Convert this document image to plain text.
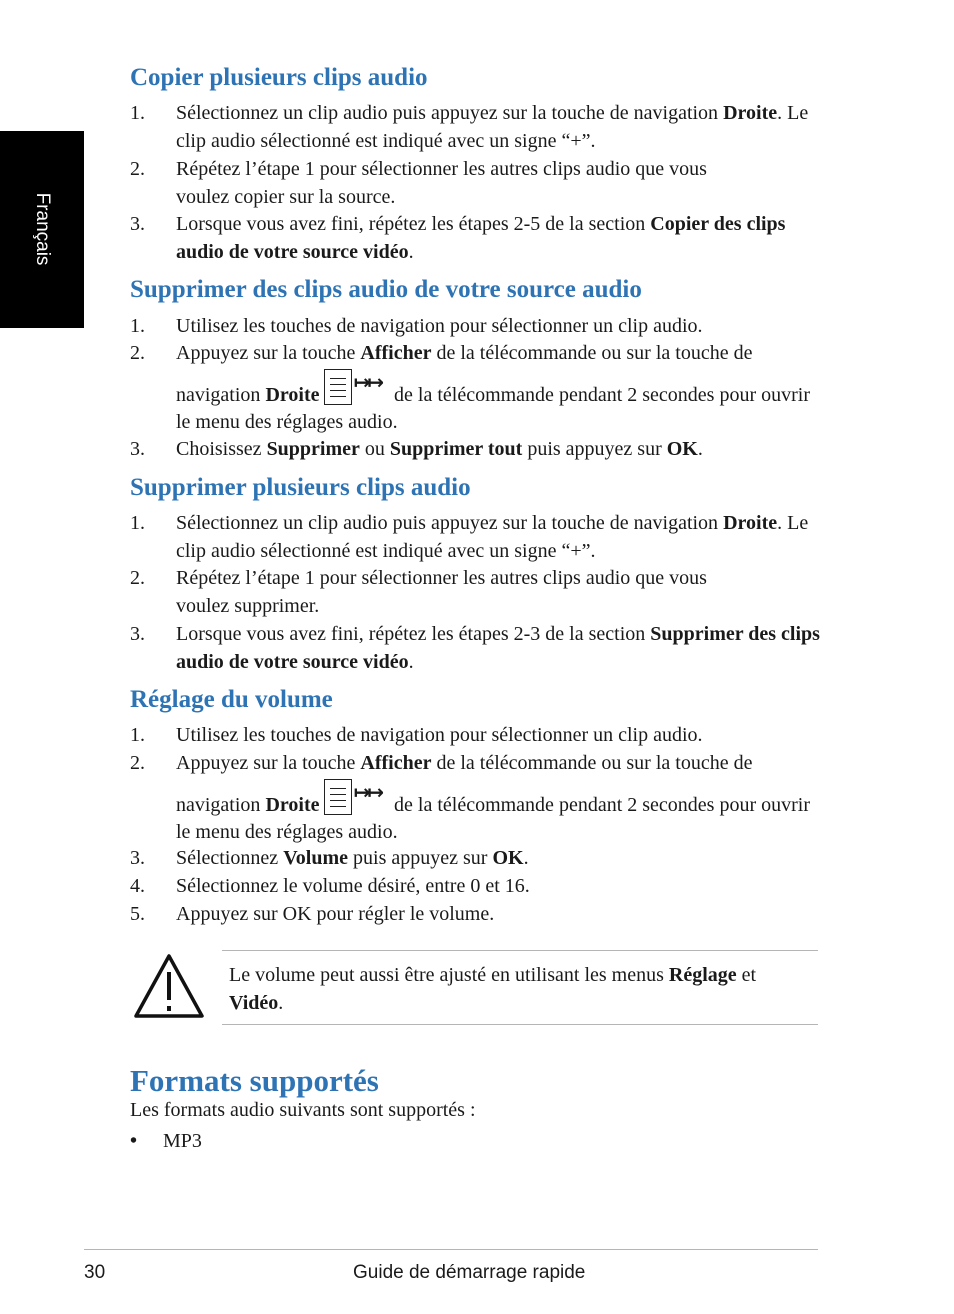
Français
Copier plusieurs clips audio
1. Sélectionnez un clip audio puis appuyez sur la touche de navigation Droite. Le clip audio sélectionné est indiqué avec un signe “+”.
2. Répétez l’étape 1 pour sélectionner les autres clips audio que vous voulez copier sur la source.
3. Lorsque vous avez fini, répétez les étapes 2-5 de la section Copier des clips audio de votre source vidéo.
Supprimer des clips audio de votre source audio
1. Utilisez les touches de navigation pour sélectionner un clip audio.
2. Appuyez sur la touche Afficher de la télécommande ou sur la touche de
navigation Droite
↦↦ de la télécommande pendant 2 secondes pour ouvrir le menu des réglages audio.
3. Choisissez Supprimer ou Supprimer tout puis appuyez sur OK.
Supprimer plusieurs clips audio
1. Sélectionnez un clip audio puis appuyez sur la touche de navigation Droite. Le clip audio sélectionné est indiqué avec un signe “+”.
2. Répétez l’étape 1 pour sélectionner les autres clips audio que vous voulez supprimer.
3. Lorsque vous avez fini, répétez les étapes 2-3 de la section Supprimer des clips audio de votre source vidéo.
Réglage du volume
1. Utilisez les touches de navigation pour sélectionner un clip audio.
2. Appuyez sur la touche Afficher de la télécommande ou sur la touche de
navigation Droite
↦↦ de la télécommande pendant 2 secondes pour ouvrir le menu des réglages audio.
3. Sélectionnez Volume puis appuyez sur OK.
4. Sélectionnez le volume désiré, entre 0 et 16.
5. Appuyez sur OK pour régler le volume.
Le volume peut aussi être ajusté en utilisant les menus Réglage et Vidéo.
Formats supportés
Les formats audio suivants sont supportés :
• MP3
30	Guide de démarrage rapide
